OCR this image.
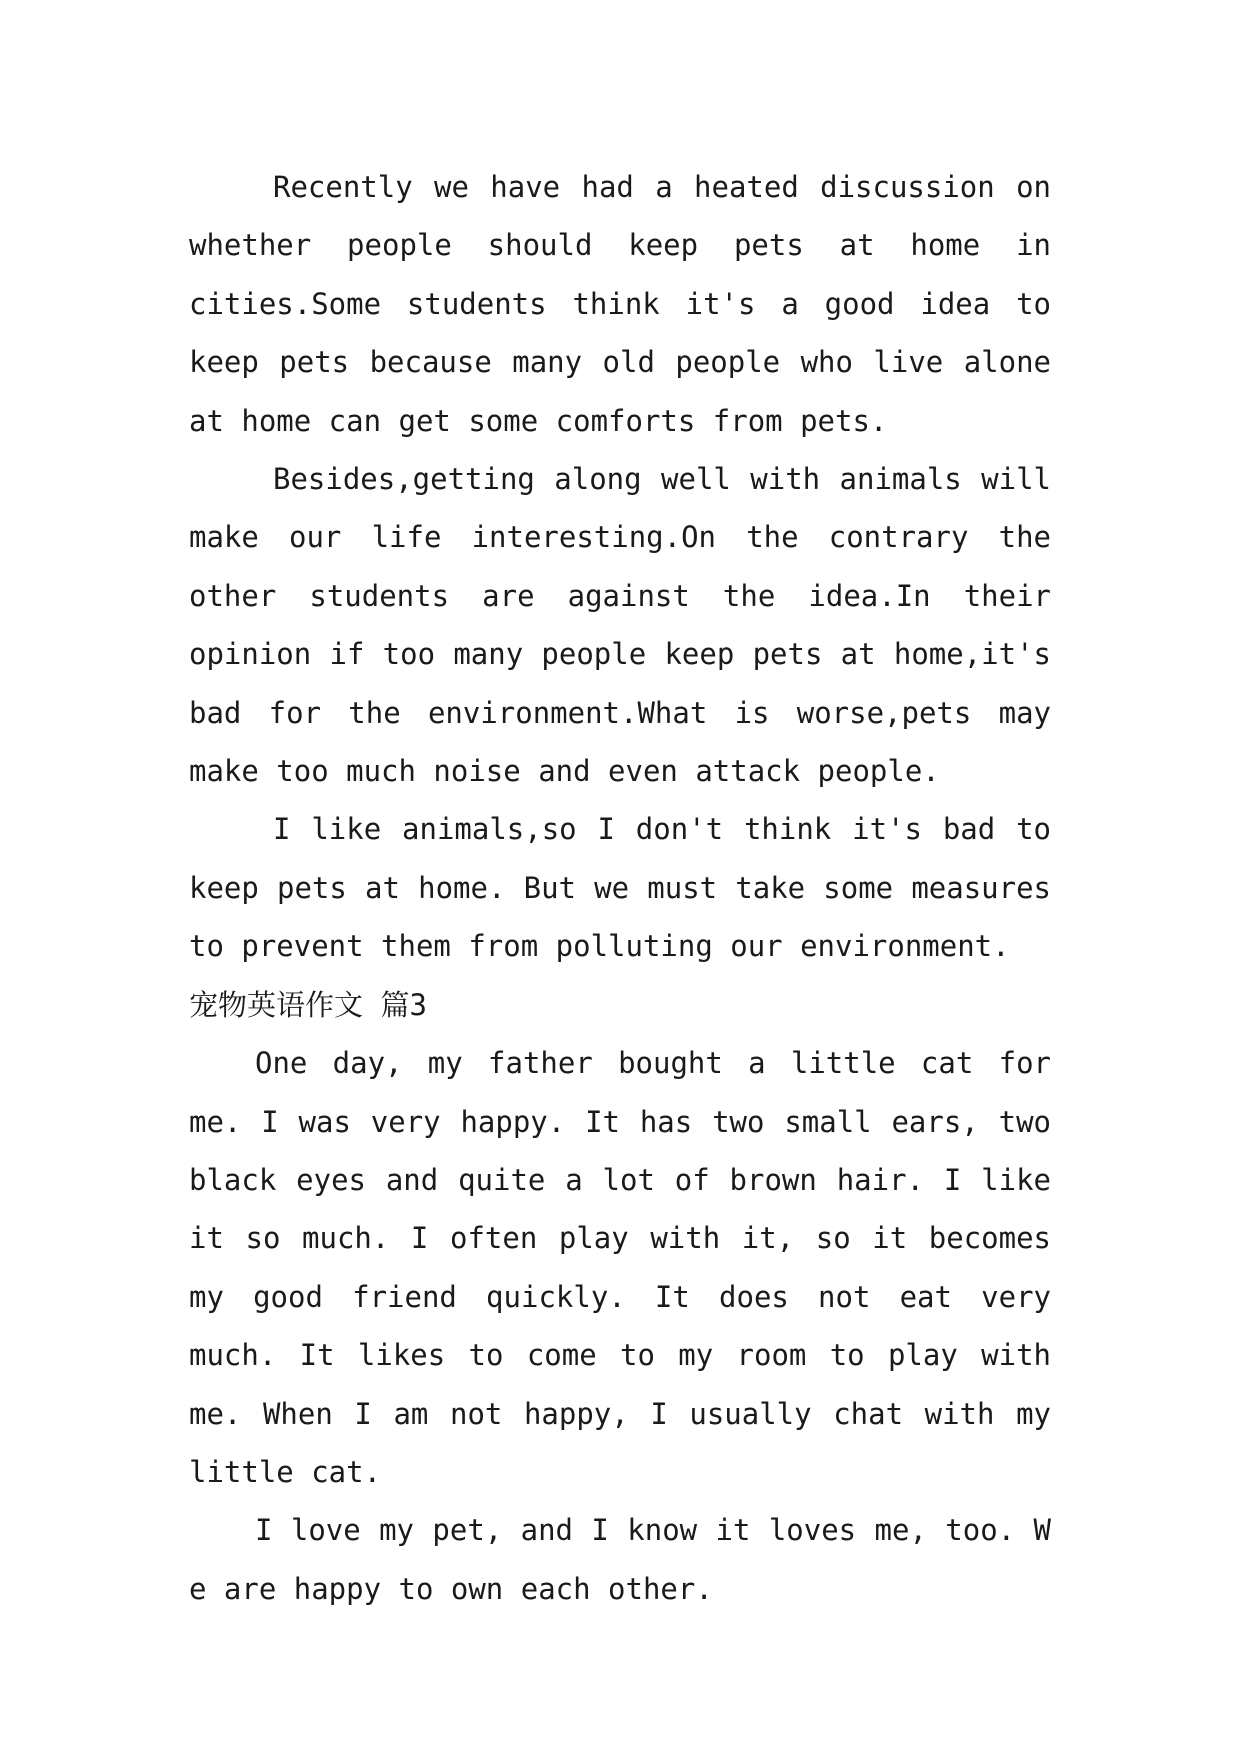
Recently we have had a heated discussion on whether people should keep pets at home in cities.Some students think it's a good idea to keep pets because many old people who live alone at home can get some comforts from pets.

Besides,getting along well with animals will make our life interesting.On the contrary the other students are against the idea.In their opinion if too many people keep pets at home,it's bad for the environment.What is worse,pets may make too much noise and even attack people.

I like animals,so I don't think it's bad to keep pets at home. But we must take some measures to prevent them from polluting our environment.

宠物英语作文 篇3

One day, my father bought a little cat for me. I was very happy. It has two small ears, two black eyes and quite a lot of brown hair. I like it so much. I often play with it, so it becomes my good friend quickly. It does not eat very much. It likes to come to my room to play with me. When I am not happy, I usually chat with my little cat.

I love my pet, and I know it loves me, too. W e are happy to own each other.
